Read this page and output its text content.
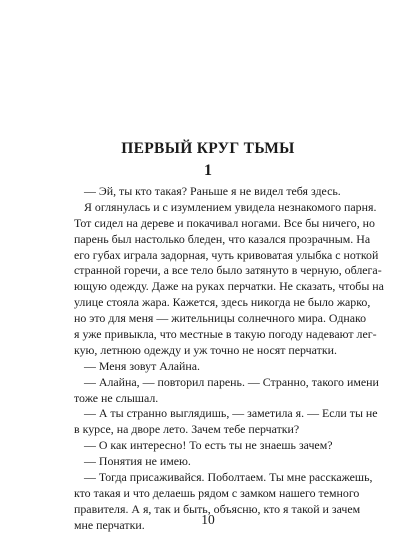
ПЕРВЫЙ КРУГ ТЬМЫ
1
— Эй, ты кто такая? Раньше я не видел тебя здесь.
Я оглянулась и с изумлением увидела незнакомого парня.
Тот сидел на дереве и покачивал ногами. Все бы ничего, но
парень был настолько бледен, что казался прозрачным. На
его губах играла задорная, чуть кривоватая улыбка с ноткой
странной горечи, а все тело было затянуто в черную, облега-
ющую одежду. Даже на руках перчатки. Не сказать, чтобы на
улице стояла жара. Кажется, здесь никогда не было жарко,
но это для меня — жительницы солнечного мира. Однако
я уже привыкла, что местные в такую погоду надевают лег-
кую, летнюю одежду и уж точно не носят перчатки.
— Меня зовут Алайна.
— Алайна, — повторил парень. — Странно, такого имени
тоже не слышал.
— А ты странно выглядишь, — заметила я. — Если ты не
в курсе, на дворе лето. Зачем тебе перчатки?
— О как интересно! То есть ты не знаешь зачем?
— Понятия не имею.
— Тогда присаживайся. Поболтаем. Ты мне расскажешь,
кто такая и что делаешь рядом с замком нашего темного
правителя. А я, так и быть, объясню, кто я такой и зачем
мне перчатки.	10
